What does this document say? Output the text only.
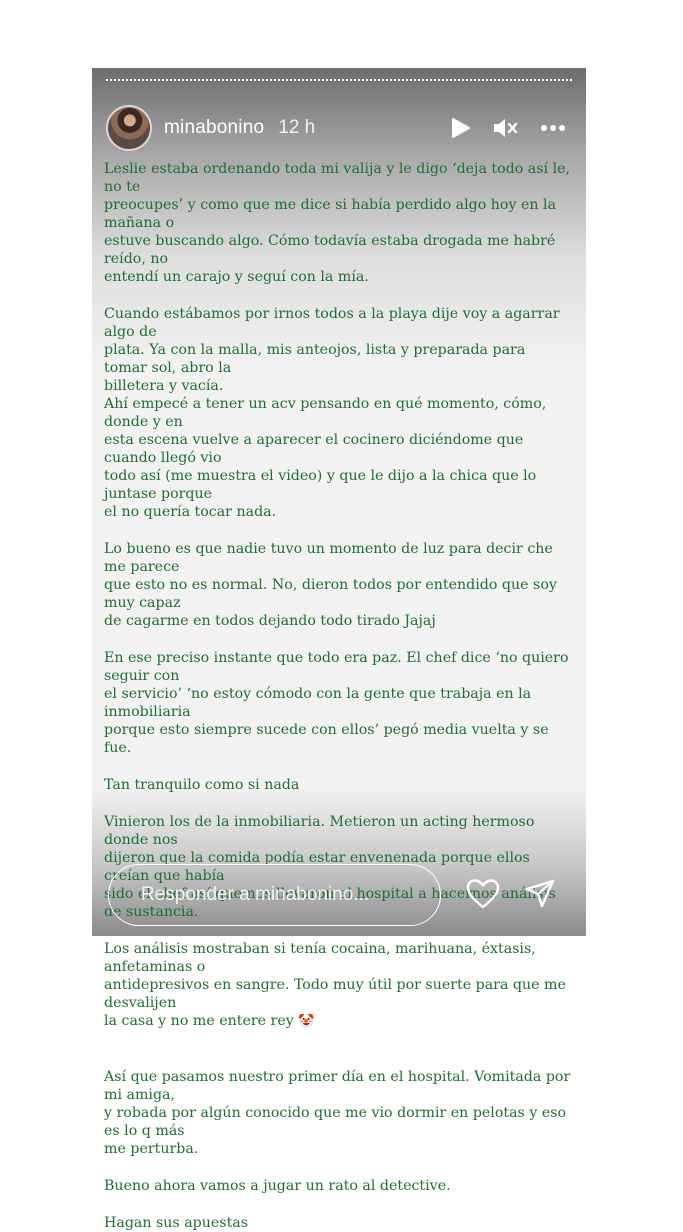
minabonino 12 h

Leslie estaba ordenando toda mi valija y le digo ‘deja todo así le, no te
preocupes’ y como que me dice si había perdido algo hoy en la mañana o
estuve buscando algo. Cómo todavía estaba drogada me habré reído, no
entendí un carajo y seguí con la mía.

Cuando estábamos por irnos todos a la playa dije voy a agarrar algo de
plata. Ya con la malla, mis anteojos, lista y preparada para tomar sol, abro la
billetera y vacía.
Ahí empecé a tener un acv pensando en qué momento, cómo, donde y en
esta escena vuelve a aparecer el cocinero diciéndome que cuando llegó vio
todo así (me muestra el video) y que le dijo a la chica que lo juntase porque
el no quería tocar nada.

Lo bueno es que nadie tuvo un momento de luz para decir che me parece
que esto no es normal. No, dieron todos por entendido que soy muy capaz
de cagarme en todos dejando todo tirado Jajaj

En ese preciso instante que todo era paz. El chef dice ‘no quiero seguir con
el servicio’ ‘no estoy cómodo con la gente que trabaja en la inmobiliaria
porque esto siempre sucede con ellos’ pegó media vuelta y se fue.

Tan tranquilo como si nada

Vinieron los de la inmobiliaria. Metieron un acting hermoso donde nos
dijeron que la comida podía estar envenenada porque ellos creían que había
sido el chef así que nos llevaron al hospital a hacernos análisis de sustancia.

Los análisis mostraban si tenía cocaina, marihuana, éxtasis, anfetaminas o
antidepresivos en sangre. Todo muy útil por suerte para que me desvalijen
la casa y no me entere rey 🤡

Así que pasamos nuestro primer día en el hospital. Vomitada por mi amiga,
y robada por algún conocido que me vio dormir en pelotas y eso es lo q más
me perturba.

Bueno ahora vamos a jugar un rato al detective.

Hagan sus apuestas

Responder a minabonino...
